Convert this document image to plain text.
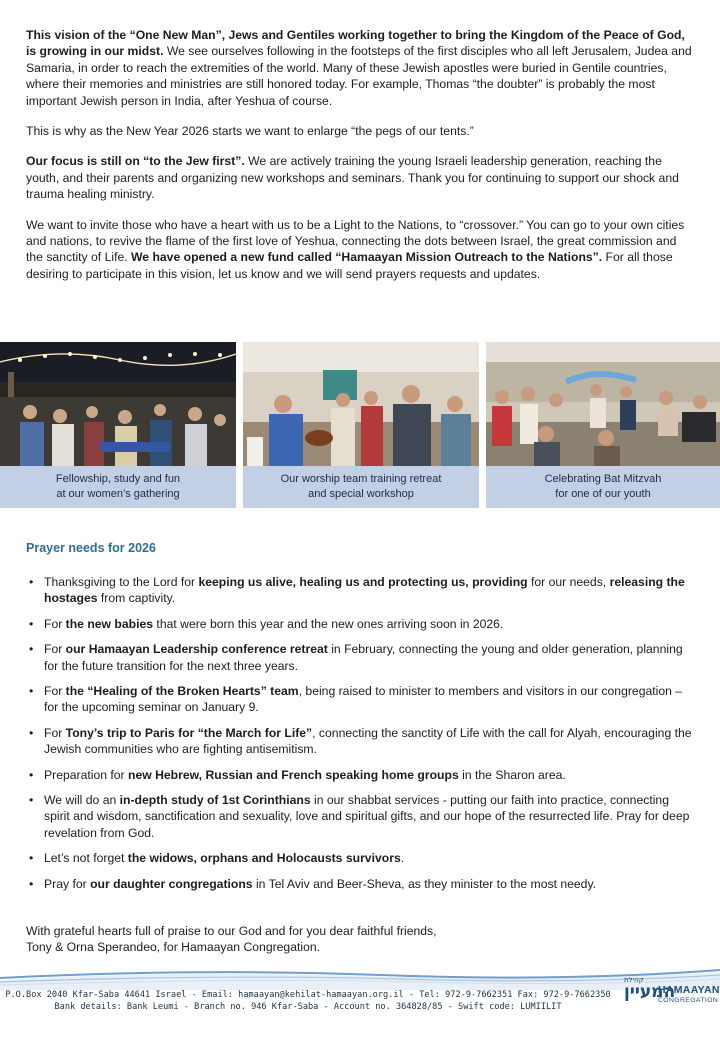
This vision of the “One New Man”, Jews and Gentiles working together to bring the Kingdom of the Peace of God, is growing in our midst. We see ourselves following in the footsteps of the first disciples who all left Jerusalem, Judea and Samaria, in order to reach the extremities of the world. Many of these Jewish apostles were buried in Gentile countries, where their memories and ministries are still honored today. For example, Thomas “the doubter” is probably the most important Jewish person in India, after Yeshua of course.

This is why as the New Year 2026 starts we want to enlarge “the pegs of our tents.”

Our focus is still on “to the Jew first”. We are actively training the young Israeli leadership generation, reaching the youth, and their parents and organizing new workshops and seminars. Thank you for continuing to support our shock and trauma healing ministry.

We want to invite those who have a heart with us to be a Light to the Nations, to “crossover.” You can go to your own cities and nations, to revive the flame of the first love of Yeshua, connecting the dots between Israel, the great commission and the sanctity of Life. We have opened a new fund called “Hamaayan Mission Outreach to the Nations”. For all those desiring to participate in this vision, let us know and we will send prayers requests and updates.

Fellowship, study and fun
at our women’s gathering
Our worship team training retreat
and special workshop
Celebrating Bat Mitzvah
for one of our youth
Prayer needs for 2026
• Thanksgiving to the Lord for keeping us alive, healing us and protecting us, providing for our needs, releasing the hostages from captivity.
• For the new babies that were born this year and the new ones arriving soon in 2026.
• For our Hamaayan Leadership conference retreat in February, connecting the young and older generation, planning for the future transition for the next three years.
• For the “Healing of the Broken Hearts” team, being raised to minister to members and visitors in our congregation – for the upcoming seminar on January 9.
• For Tony’s trip to Paris for “the March for Life”, connecting the sanctity of Life with the call for Alyah, encouraging the Jewish communities who are fighting antisemitism.
• Preparation for new Hebrew, Russian and French speaking home groups in the Sharon area.
• We will do an in-depth study of 1st Corinthians in our shabbat services - putting our faith into practice, connecting spirit and wisdom, sanctification and sexuality, love and spiritual gifts, and our hope of the resurrected life. Pray for deep revelation from God.
• Let’s not forget the widows, orphans and Holocausts survivors.
• Pray for our daughter congregations in Tel Aviv and Beer-Sheva, as they minister to the most needy.
With grateful hearts full of praise to our God and for you dear faithful friends,
Tony & Orna Sperandeo, for Hamaayan Congregation.
P.O.Box 2040 Kfar-Saba 44641 Israel - Email: hamaayan@kehilat-hamaayan.org.il - Tel: 972-9-7662351 Fax: 972-9-7662350
Bank details: Bank Leumi - Branch no. 946 Kfar-Saba - Account no. 364828/85 - Swift code: LUMIILIT
קהילת
המעיין
HAMAAYAN
CONGREGATION
